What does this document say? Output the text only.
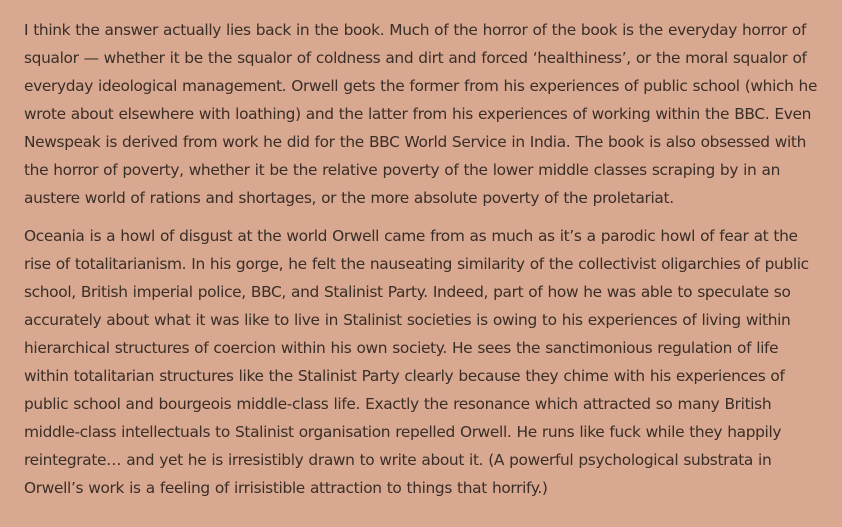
I think the answer actually lies back in the book. Much of the horror of the book is the everyday horror of squalor — whether it be the squalor of coldness and dirt and forced ‘healthiness’, or the moral squalor of everyday ideological management. Orwell gets the former from his experiences of public school (which he wrote about elsewhere with loathing) and the latter from his experiences of working within the BBC. Even Newspeak is derived from work he did for the BBC World Service in India. The book is also obsessed with the horror of poverty, whether it be the relative poverty of the lower middle classes scraping by in an austere world of rations and shortages, or the more absolute poverty of the proletariat.

Oceania is a howl of disgust at the world Orwell came from as much as it’s a parodic howl of fear at the rise of totalitarianism. In his gorge, he felt the nauseating similarity of the collectivist oligarchies of public school, British imperial police, BBC, and Stalinist Party. Indeed, part of how he was able to speculate so accurately about what it was like to live in Stalinist societies is owing to his experiences of living within hierarchical structures of coercion within his own society. He sees the sanctimonious regulation of life within totalitarian structures like the Stalinist Party clearly because they chime with his experiences of public school and bourgeois middle-class life. Exactly the resonance which attracted so many British middle-class intellectuals to Stalinist organisation repelled Orwell. He runs like fuck while they happily reintegrate… and yet he is irresistibly drawn to write about it. (A powerful psychological substrata in Orwell’s work is a feeling of irrisistible attraction to things that horrify.)
